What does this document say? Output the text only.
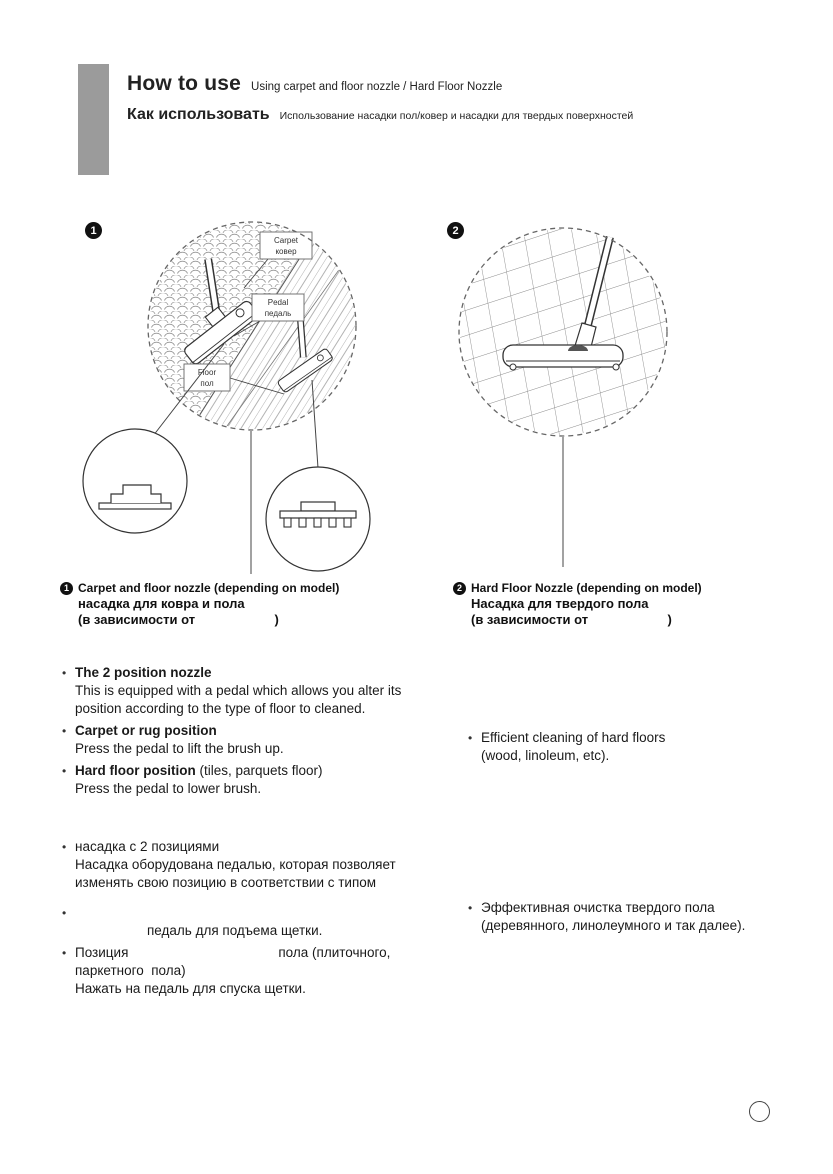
How to use Using carpet and floor nozzle / Hard Floor Nozzle
Как использовать Использование насадки пол/ковер и насадки для твердых поверхностей
1
Carpet
ковер
Pedal
педаль
Floor
пол
2
1 Carpet and floor nozzle (depending on model)
насадка для ковра и пола
(в зависимости от                      )
2 Hard Floor Nozzle (depending on model)
Насадка для твердого пола
(в зависимости от                      )
• The 2 position nozzle
This is equipped with a pedal which allows you alter its position according to the type of floor to cleaned.
• Carpet or rug position
Press the pedal to lift the brush up.
• Hard floor position (tiles, parquets floor)
Press the pedal to lower brush.
• Efficient cleaning of hard floors
(wood, linoleum, etc).
• насадка с 2 позициями
Насадка оборудована педалью, которая позволяет
изменять свою позицию в соответствии с типом
•
педаль для подъема щетки.
• Позиция	пола (плиточного,
паркетного  пола)
Нажать на педаль для спуска щетки.
• Эффективная очистка твердого пола
(деревянного, линолеумного и так далее).
